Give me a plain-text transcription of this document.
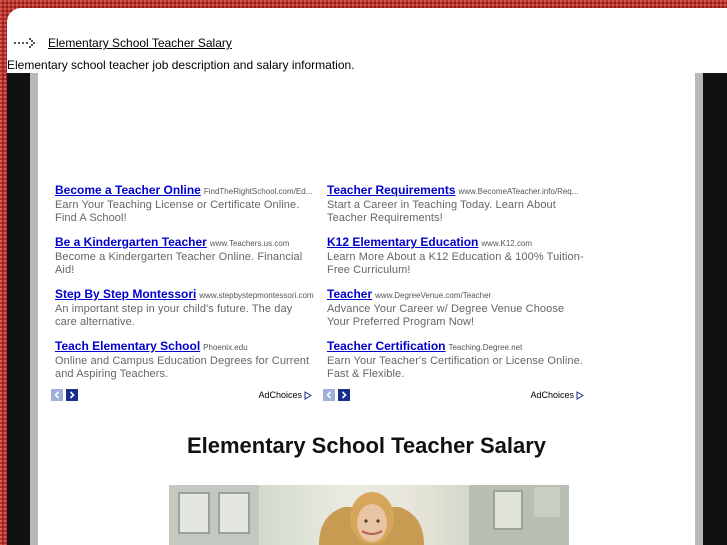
Elementary School Teacher Salary
Elementary school teacher job description and salary information.
Become a Teacher Online FindTheRightSchool.com/Ed...
Earn Your Teaching License or Certificate Online. Find A School!
Be a Kindergarten Teacher www.Teachers.us.com
Become a Kindergarten Teacher Online. Financial Aid!
Step By Step Montessori www.stepbystepmontessori.com
An important step in your child's future. The day care alternative.
Teach Elementary School Phoenix.edu
Online and Campus Education Degrees for Current and Aspiring Teachers.
Teacher Requirements www.BecomeATeacher.info/Req...
Start a Career in Teaching Today. Learn About Teacher Requirements!
K12 Elementary Education www.K12.com
Learn More About a K12 Education & 100% Tuition-Free Curriculum!
Teacher www.DegreeVenue.com/Teacher
Advance Your Career w/ Degree Venue Choose Your Preferred Program Now!
Teacher Certification Teaching.Degree.net
Earn Your Teacher's Certification or License Online. Fast & Flexible.
AdChoices	AdChoices
Elementary School Teacher Salary
